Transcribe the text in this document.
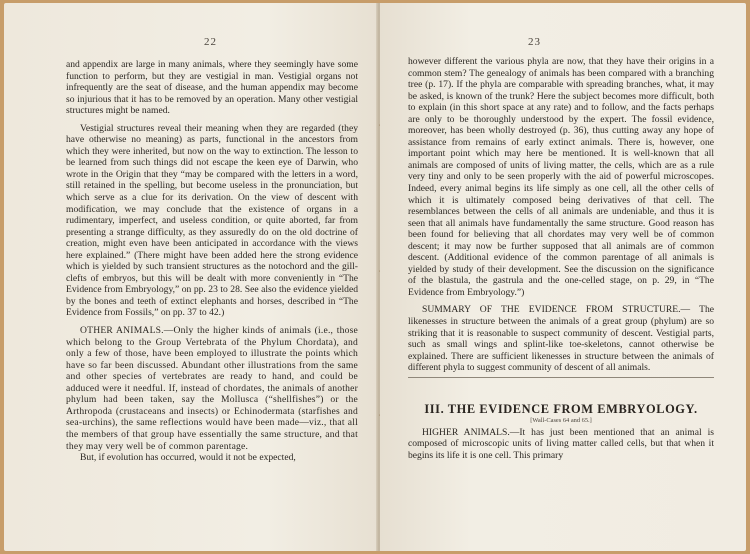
22

and appendix are large in many animals, where they seemingly have some function to perform, but they are vestigial in man. Vestigial organs not infrequently are the seat of disease, and the human appendix may become so injurious that it has to be removed by an operation. Many other vestigial structures might be named.

Vestigial structures reveal their meaning when they are regarded (they have otherwise no meaning) as parts, functional in the ancestors from which they were inherited, but now on the way to extinction. The lesson to be learned from such things did not escape the keen eye of Darwin, who wrote in the Origin that they “may be compared with the letters in a word, still retained in the spelling, but become useless in the pronunciation, but which serve as a clue for its derivation. On the view of descent with modification, we may conclude that the existence of organs in a rudimentary, imperfect, and useless condition, or quite aborted, far from presenting a strange difficulty, as they assuredly do on the old doctrine of creation, might even have been anticipated in accordance with the views here explained.” (There might have been added here the strong evidence which is yielded by such transient structures as the notochord and the gill-clefts of embryos, but this will be dealt with more conveniently in “The Evidence from Embryology,” on pp. 23 to 28. See also the evidence yielded by the bones and teeth of extinct elephants and horses, described in “The Evidence from Fossils,” on pp. 37 to 42.)

OTHER ANIMALS.—Only the higher kinds of animals (i.e., those which belong to the Group Vertebrata of the Phylum Chordata), and only a few of those, have been employed to illustrate the points which have so far been discussed. Abundant other illustrations from the same and other species of vertebrates are ready to hand, and could be adduced were it needful. If, instead of chordates, the animals of another phylum had been taken, say the Mollusca (“shellfishes”) or the Arthropoda (crustaceans and insects) or Echinodermata (starfishes and sea-urchins), the same reflections would have been made—viz., that all the members of that group have essentially the same structure, and that they may very well be of common parentage.

But, if evolution has occurred, would it not be expected,

23

however different the various phyla are now, that they have their origins in a common stem? The genealogy of animals has been compared with a branching tree (p. 17). If the phyla are comparable with spreading branches, what, it may be asked, is known of the trunk? Here the subject becomes more difficult, both to explain (in this short space at any rate) and to follow, and the facts perhaps are only to be thoroughly understood by the expert. The fossil evidence, moreover, has been wholly destroyed (p. 36), thus cutting away any hope of assistance from remains of early extinct animals. There is, however, one important point which may here be mentioned. It is well-known that all animals are composed of units of living matter, the cells, which are as a rule very tiny and only to be seen properly with the aid of powerful microscopes. Indeed, every animal begins its life simply as one cell, all the other cells of which it is ultimately composed being derivatives of that cell. The resemblances between the cells of all animals are undeniable, and thus it is seen that all animals have fundamentally the same structure. Good reason has been found for believing that all chordates may very well be of common descent; it may now be further supposed that all animals are of common descent. (Additional evidence of the common parentage of all animals is yielded by study of their development. See the discussion on the significance of the blastula, the gastrula and the one-celled stage, on p. 29, in “The Evidence from Embryology.”)

SUMMARY OF THE EVIDENCE FROM STRUCTURE.— The likenesses in structure between the animals of a great group (phylum) are so striking that it is reasonable to suspect community of descent. Vestigial parts, such as small wings and splint-like toe-skeletons, cannot otherwise be explained. There are sufficient likenesses in structure between the animals of different phyla to suggest community of descent of all animals.

III. THE EVIDENCE FROM EMBRYOLOGY.

[Wall-Cases 64 and 65.]

HIGHER ANIMALS.—It has just been mentioned that an animal is composed of microscopic units of living matter called cells, but that when it begins its life it is one cell. This primary
